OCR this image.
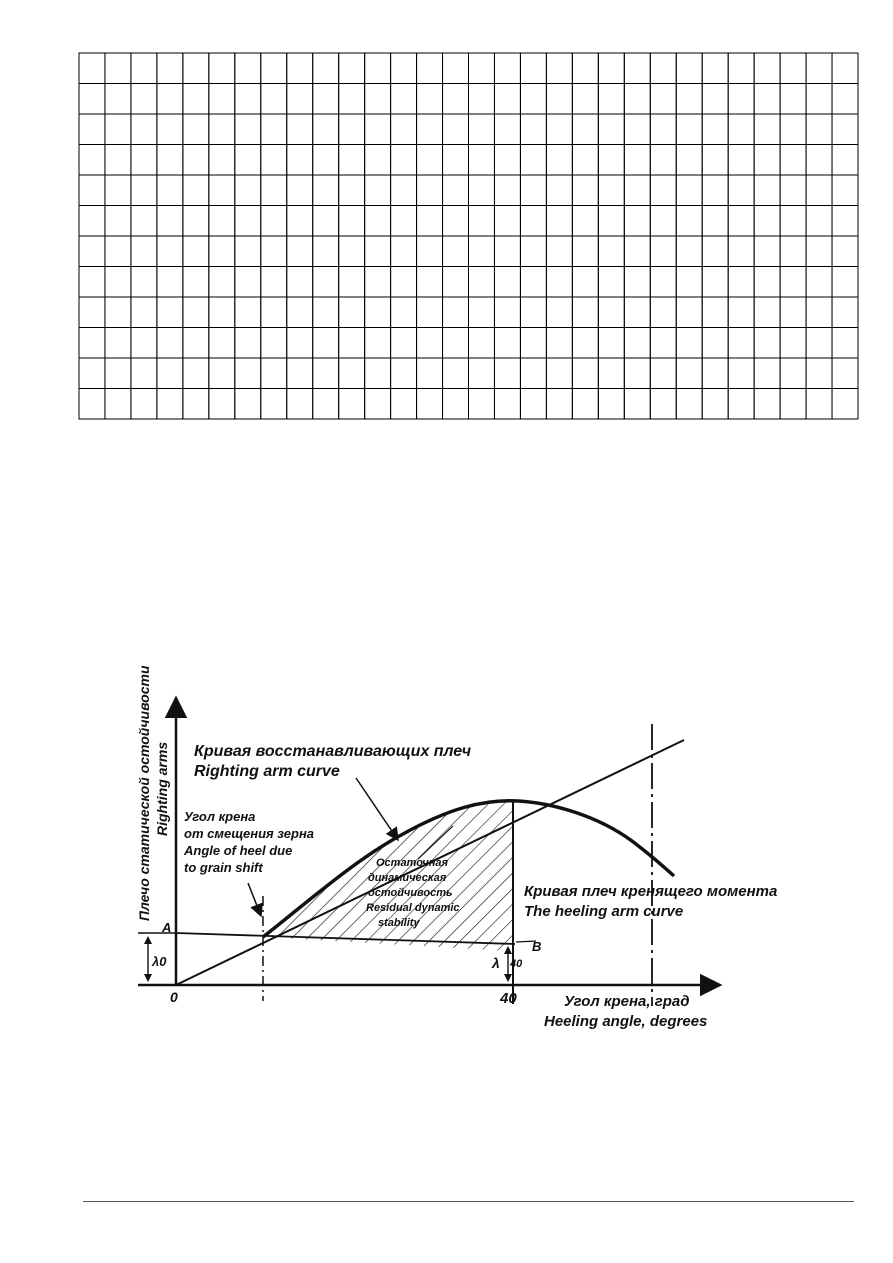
Плечо статической остойчивости Righting arms Кривая восстанавливающих плеч
Righting arm curve
Угол крена
от смещения зерна
Angle of heel due
to grain shift	Остаточная
динамическая
остойчивость
Residual dynamic
stability
Кривая плеч кренящего момента
The heeling arm curve
A
B
0
λ0	λ 40
40	Угол крена, град
Heeling angle, degrees
